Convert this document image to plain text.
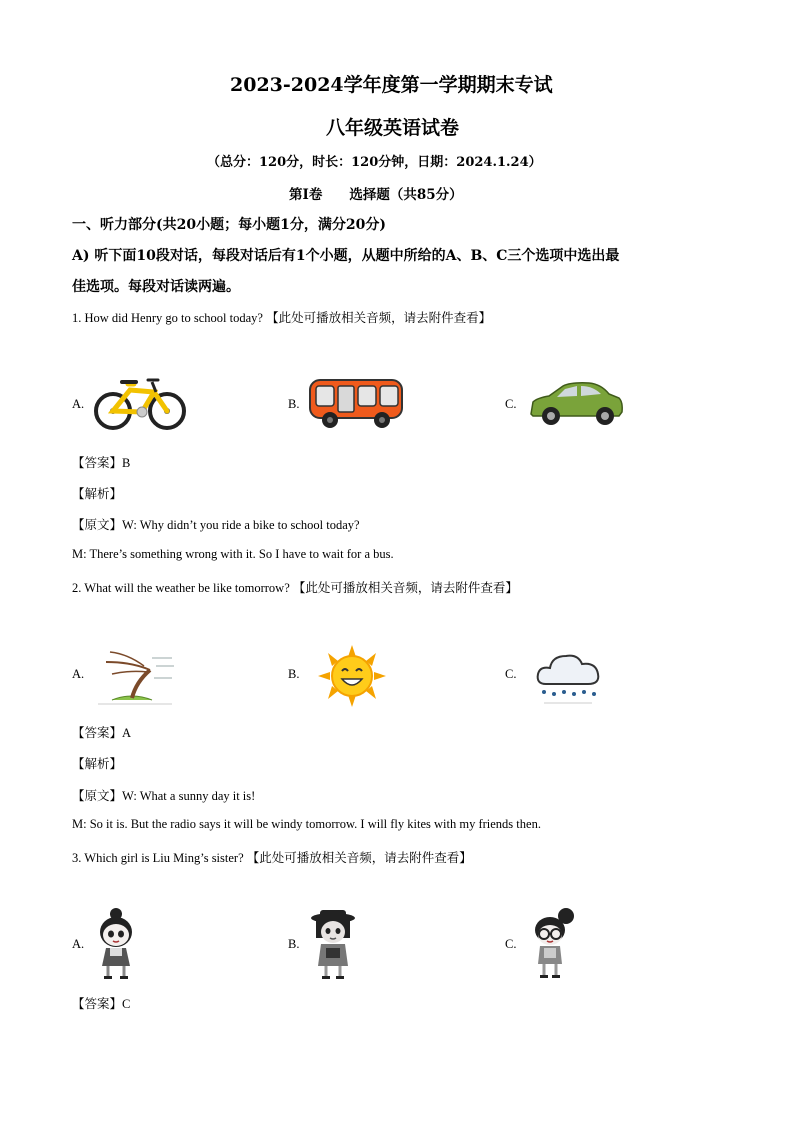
2023-2024学年度第一学期期末专试
八年级英语试卷
（总分：120分，时长：120分钟，日期：2024.1.24）
第Ⅰ卷　　选择题（共85分）
一、听力部分(共20小题；每小题1分，满分20分)
A) 听下面10段对话，每段对话后有1个小题，从题中所给的A、B、C三个选项中选出最
佳选项。每段对话读两遍。
1. How did Henry go to school today? 【此处可播放相关音频，请去附件查看】
A.	B.	C.
【答案】B
【解析】
【原文】W: Why didn’t you ride a bike to school today?
M: There’s something wrong with it. So I have to wait for a bus.
2. What will the weather be like tomorrow? 【此处可播放相关音频，请去附件查看】
A.	B.	C.
【答案】A
【解析】
【原文】W: What a sunny day it is!
M: So it is. But the radio says it will be windy tomorrow. I will fly kites with my friends then.
3. Which girl is Liu Ming’s sister? 【此处可播放相关音频，请去附件查看】
A.	B.	C.
【答案】C
